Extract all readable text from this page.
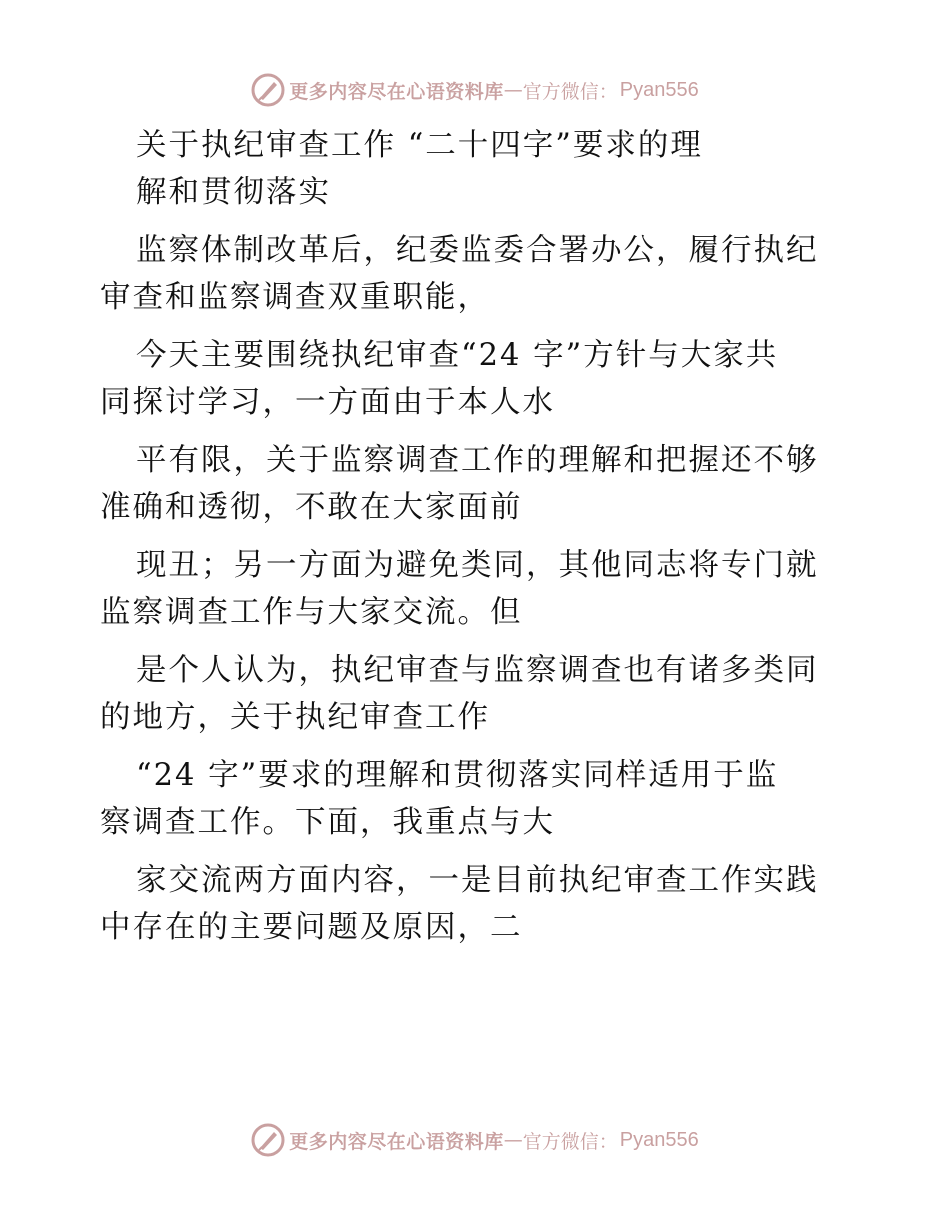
更多内容尽在心语资料库 — 官方微信： Pyan556
关于执纪审查工作 “二十四字”要求的理
解和贯彻落实
监察体制改革后，纪委监委合署办公，履行执纪
审查和监察调查双重职能，
今天主要围绕执纪审查“24 字”方针与大家共
同探讨学习，一方面由于本人水
平有限，关于监察调查工作的理解和把握还不够
准确和透彻，不敢在大家面前
现丑；另一方面为避免类同，其他同志将专门就
监察调查工作与大家交流。但
是个人认为，执纪审查与监察调查也有诸多类同
的地方，关于执纪审查工作
“24 字”要求的理解和贯彻落实同样适用于监
察调查工作。下面，我重点与大
家交流两方面内容，一是目前执纪审查工作实践
中存在的主要问题及原因，二
更多内容尽在心语资料库 — 官方微信： Pyan556
